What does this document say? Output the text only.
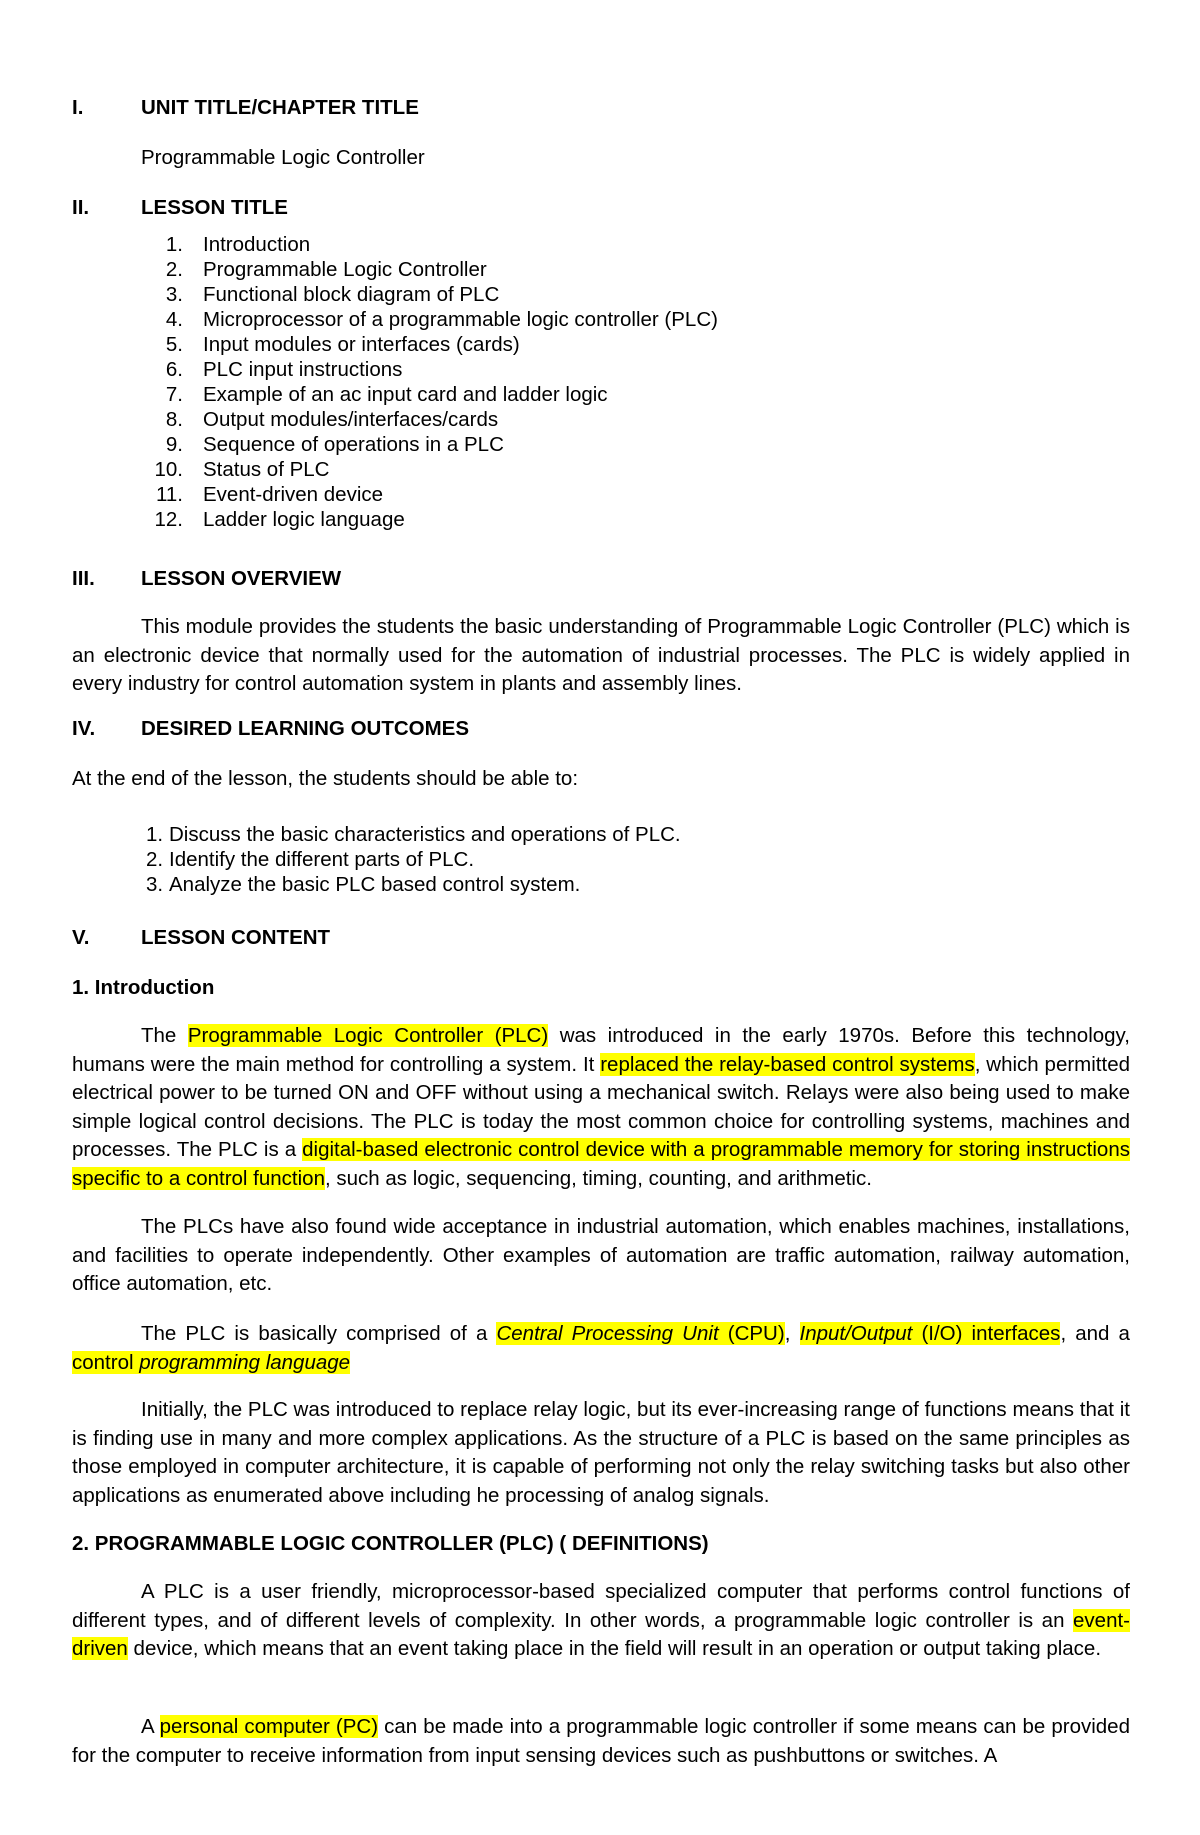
I.	UNIT TITLE/CHAPTER TITLE
Programmable Logic Controller
II.	LESSON TITLE
1. Introduction
2. Programmable Logic Controller
3. Functional block diagram of PLC
4. Microprocessor of a programmable logic controller (PLC)
5. Input modules or interfaces (cards)
6. PLC input instructions
7. Example of an ac input card and ladder logic
8. Output modules/interfaces/cards
9. Sequence of operations in a PLC
10. Status of PLC
11. Event-driven device
12. Ladder logic language
III. LESSON OVERVIEW

This module provides the students the basic understanding of Programmable Logic Controller (PLC) which is an electronic device that normally used for the automation of industrial processes. The PLC is widely applied in every industry for control automation system in plants and assembly lines.

IV. DESIRED LEARNING OUTCOMES
At the end of the lesson, the students should be able to:
1. Discuss the basic characteristics and operations of PLC.
2. Identify the different parts of PLC.
3. Analyze the basic PLC based control system.
V.	LESSON CONTENT
1. Introduction

The Programmable Logic Controller (PLC) was introduced in the early 1970s. Before this technology, humans were the main method for controlling a system. It replaced the relay-based control systems, which permitted electrical power to be turned ON and OFF without using a mechanical switch. Relays were also being used to make simple logical control decisions. The PLC is today the most common choice for controlling systems, machines and processes. The PLC is a digital-based electronic control device with a programmable memory for storing instructions specific to a control function, such as logic, sequencing, timing, counting, and arithmetic.

The PLCs have also found wide acceptance in industrial automation, which enables machines, installations, and facilities to operate independently. Other examples of automation are traffic automation, railway automation, office automation, etc.

The PLC is basically comprised of a Central Processing Unit (CPU), Input/Output (I/O) interfaces, and a control programming language

Initially, the PLC was introduced to replace relay logic, but its ever-increasing range of functions means that it is finding use in many and more complex applications. As the structure of a PLC is based on the same principles as those employed in computer architecture, it is capable of performing not only the relay switching tasks but also other applications as enumerated above including he processing of analog signals.

2. PROGRAMMABLE LOGIC CONTROLLER (PLC) ( DEFINITIONS)

A PLC is a user friendly, microprocessor-based specialized computer that performs control functions of different types, and of different levels of complexity. In other words, a programmable logic controller is an event-driven device, which means that an event taking place in the field will result in an operation or output taking place.

A personal computer (PC) can be made into a programmable logic controller if some means can be provided for the computer to receive information from input sensing devices such as pushbuttons or switches. A
